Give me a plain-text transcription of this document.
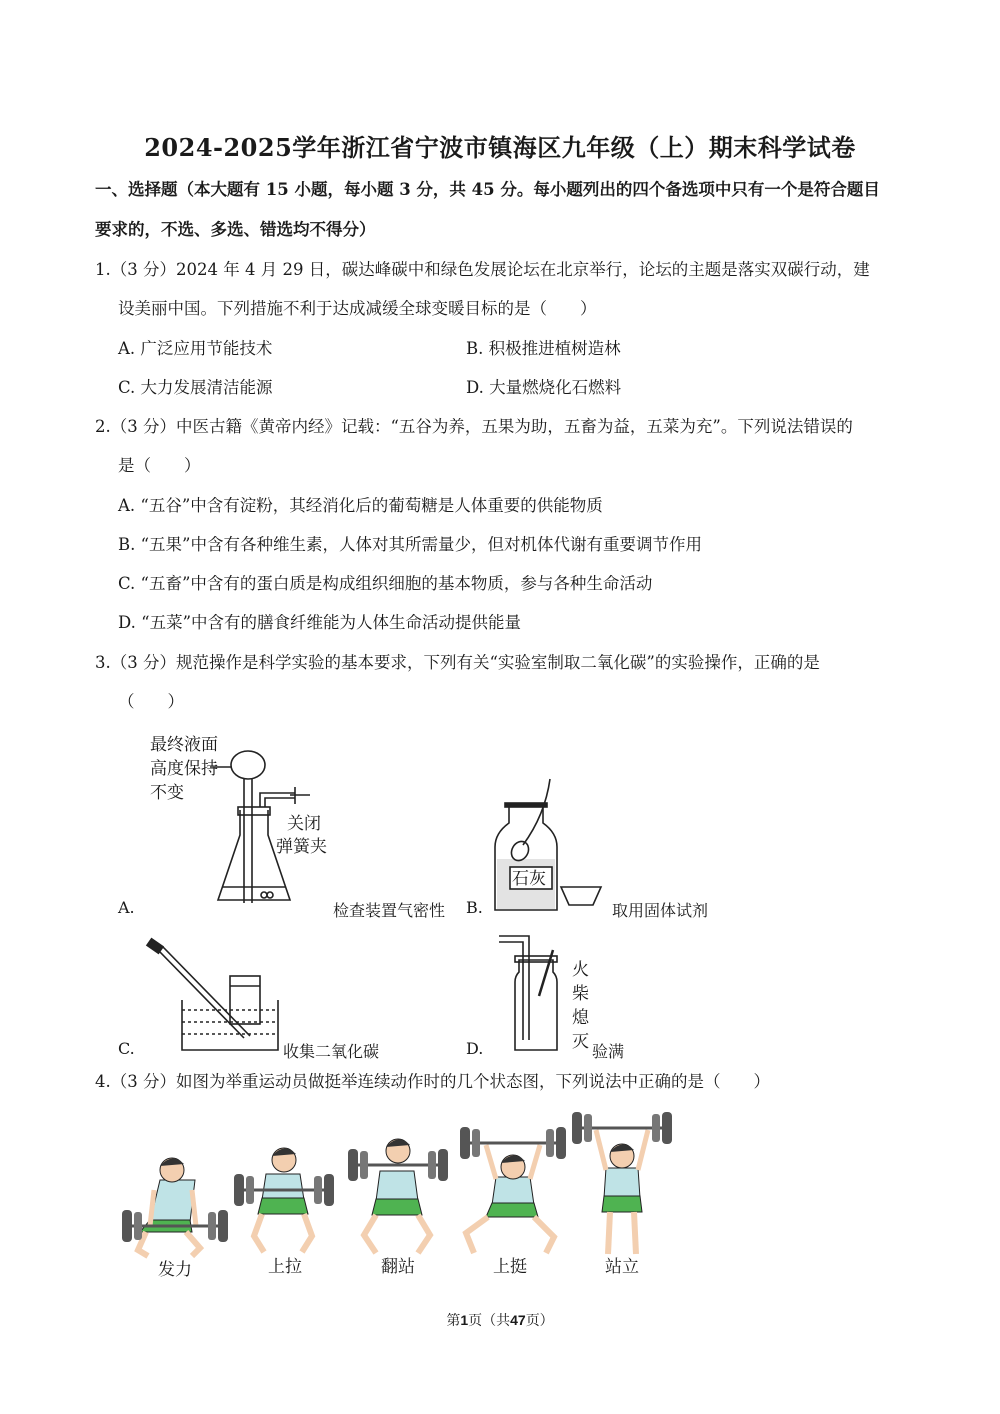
2024-2025学年浙江省宁波市镇海区九年级（上）期末科学试卷
一、选择题（本大题有 15 小题，每小题 3 分，共 45 分。每小题列出的四个备选项中只有一个是符合题目
要求的，不选、多选、错选均不得分）
1.（3 分）2024 年 4 月 29 日，碳达峰碳中和绿色发展论坛在北京举行，论坛的主题是落实双碳行动，建
设美丽中国。下列措施不利于达成减缓全球变暖目标的是（　　）
A. 广泛应用节能技术	B. 积极推进植树造林
C. 大力发展清洁能源	D. 大量燃烧化石燃料
2.（3 分）中医古籍《黄帝内经》记载：“五谷为养，五果为助，五畜为益，五菜为充”。下列说法错误的
是（　　）
A. “五谷”中含有淀粉，其经消化后的葡萄糖是人体重要的供能物质
B. “五果”中含有各种维生素，人体对其所需量少，但对机体代谢有重要调节作用
C. “五畜”中含有的蛋白质是构成组织细胞的基本物质，参与各种生命活动
D. “五菜”中含有的膳食纤维能为人体生命活动提供能量
3.（3 分）规范操作是科学实验的基本要求，下列有关“实验室制取二氧化碳”的实验操作，正确的是
（　　）
最终液面
高度保持
不变
关闭
弹簧夹
A.	检查装置气密性
石灰
B.	取用固体试剂
C.	收集二氧化碳
火
柴
熄
灭
D.	验满
4.（3 分）如图为举重运动员做挺举连续动作时的几个状态图，下列说法中正确的是（　　）
发力	上拉	翻站	上挺	站立
第1页（共47页）
